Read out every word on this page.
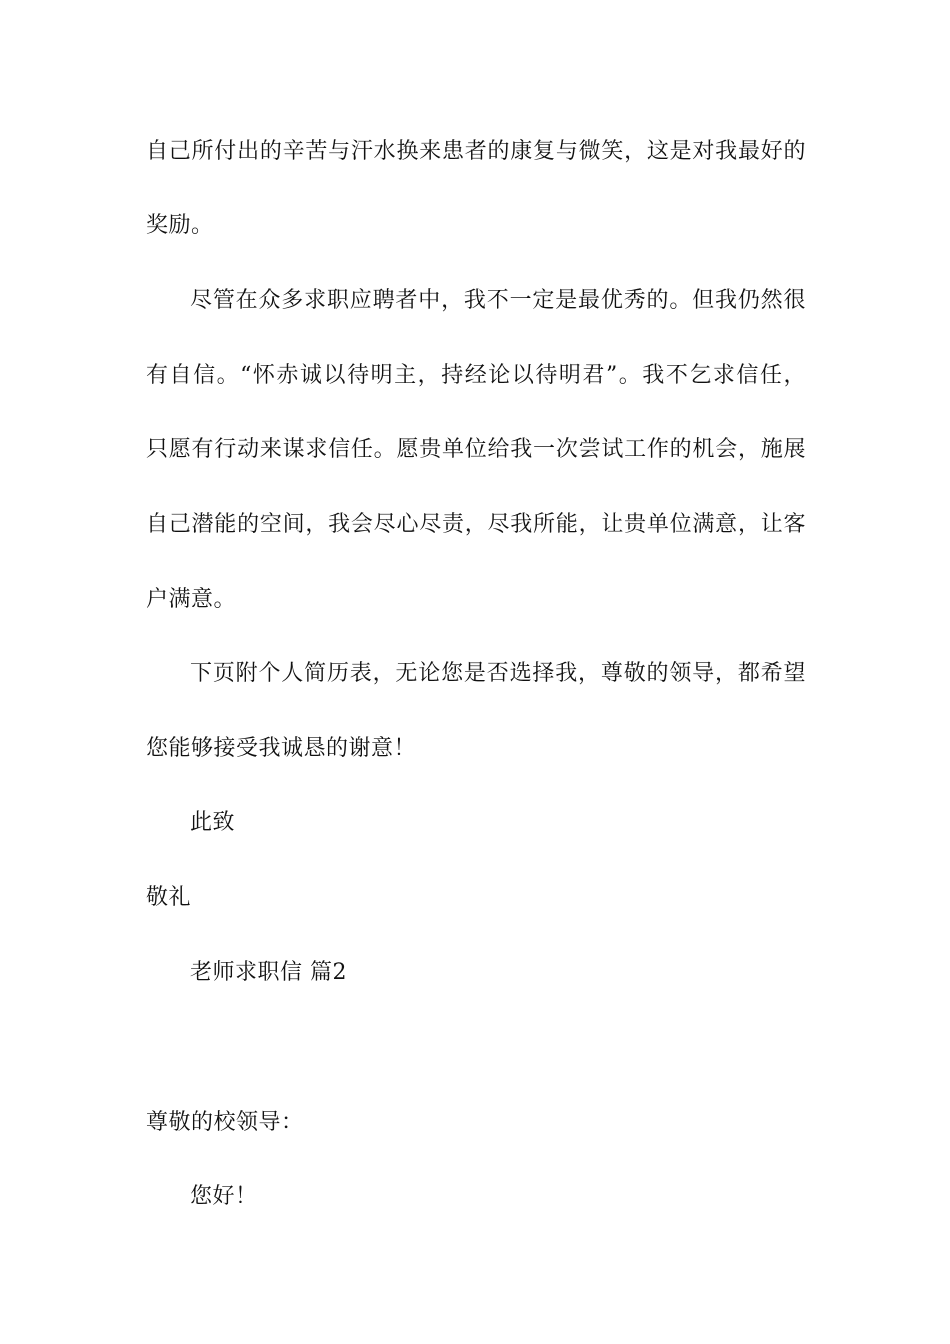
自己所付出的辛苦与汗水换来患者的康复与微笑，这是对我最好的
奖励。
尽管在众多求职应聘者中，我不一定是最优秀的。但我仍然很
有自信。“怀赤诚以待明主，持经论以待明君”。我不乞求信任，
只愿有行动来谋求信任。愿贵单位给我一次尝试工作的机会，施展
自己潜能的空间，我会尽心尽责，尽我所能，让贵单位满意，让客
户满意。
下页附个人简历表，无论您是否选择我，尊敬的领导，都希望
您能够接受我诚恳的谢意！
此致
敬礼
老师求职信 篇2
尊敬的校领导：
您好！
